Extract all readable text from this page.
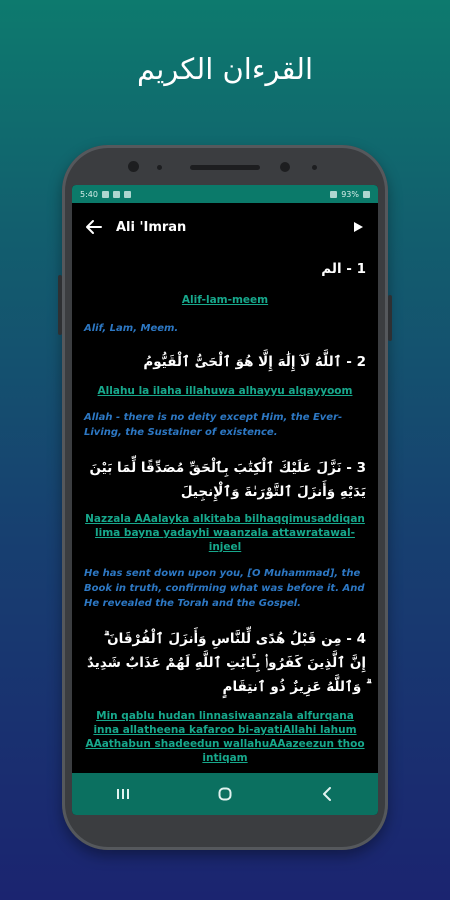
القرءان الكريم
5:40	93%
Ali 'Imran
1 - الم
Alif-lam-meem
Alif, Lam, Meem.
2 - ٱللَّهُ لَآ إِلَٰهَ إِلَّا هُوَ ٱلْحَىُّ ٱلْقَيُّومُ
Allahu la ilaha illahuwa alhayyu alqayyoom
Allah - there is no deity except Him, the Ever-Living, the Sustainer of existence.
3 - نَزَّلَ عَلَيْكَ ٱلْكِتَٰبَ بِٱلْحَقِّ مُصَدِّقًا لِّمَا بَيْنَ يَدَيْهِ وَأَنزَلَ ٱلتَّوْرَىٰةَ وَٱلْإِنجِيلَ
Nazzala AAalayka alkitaba bilhaqqimusaddiqan lima bayna yadayhi waanzala attawratawal-injeel
He has sent down upon you, [O Muhammad], the Book in truth, confirming what was before it. And He revealed the Torah and the Gospel.
4 - مِن قَبْلُ هُدًى لِّلنَّاسِ وَأَنزَلَ ٱلْفُرْقَانَ ۗ إِنَّ ٱلَّذِينَ كَفَرُوا۟ بِـَٔايَٰتِ ٱللَّهِ لَهُمْ عَذَابٌ شَدِيدٌ ۗ وَٱللَّهُ عَزِيزٌ ذُو ٱنتِقَامٍ
Min qablu hudan linnasiwaanzala alfurqana inna allatheena kafaroo bi-ayatiAllahi lahum AAathabun shadeedun wallahuAAazeezun thoo intiqam
